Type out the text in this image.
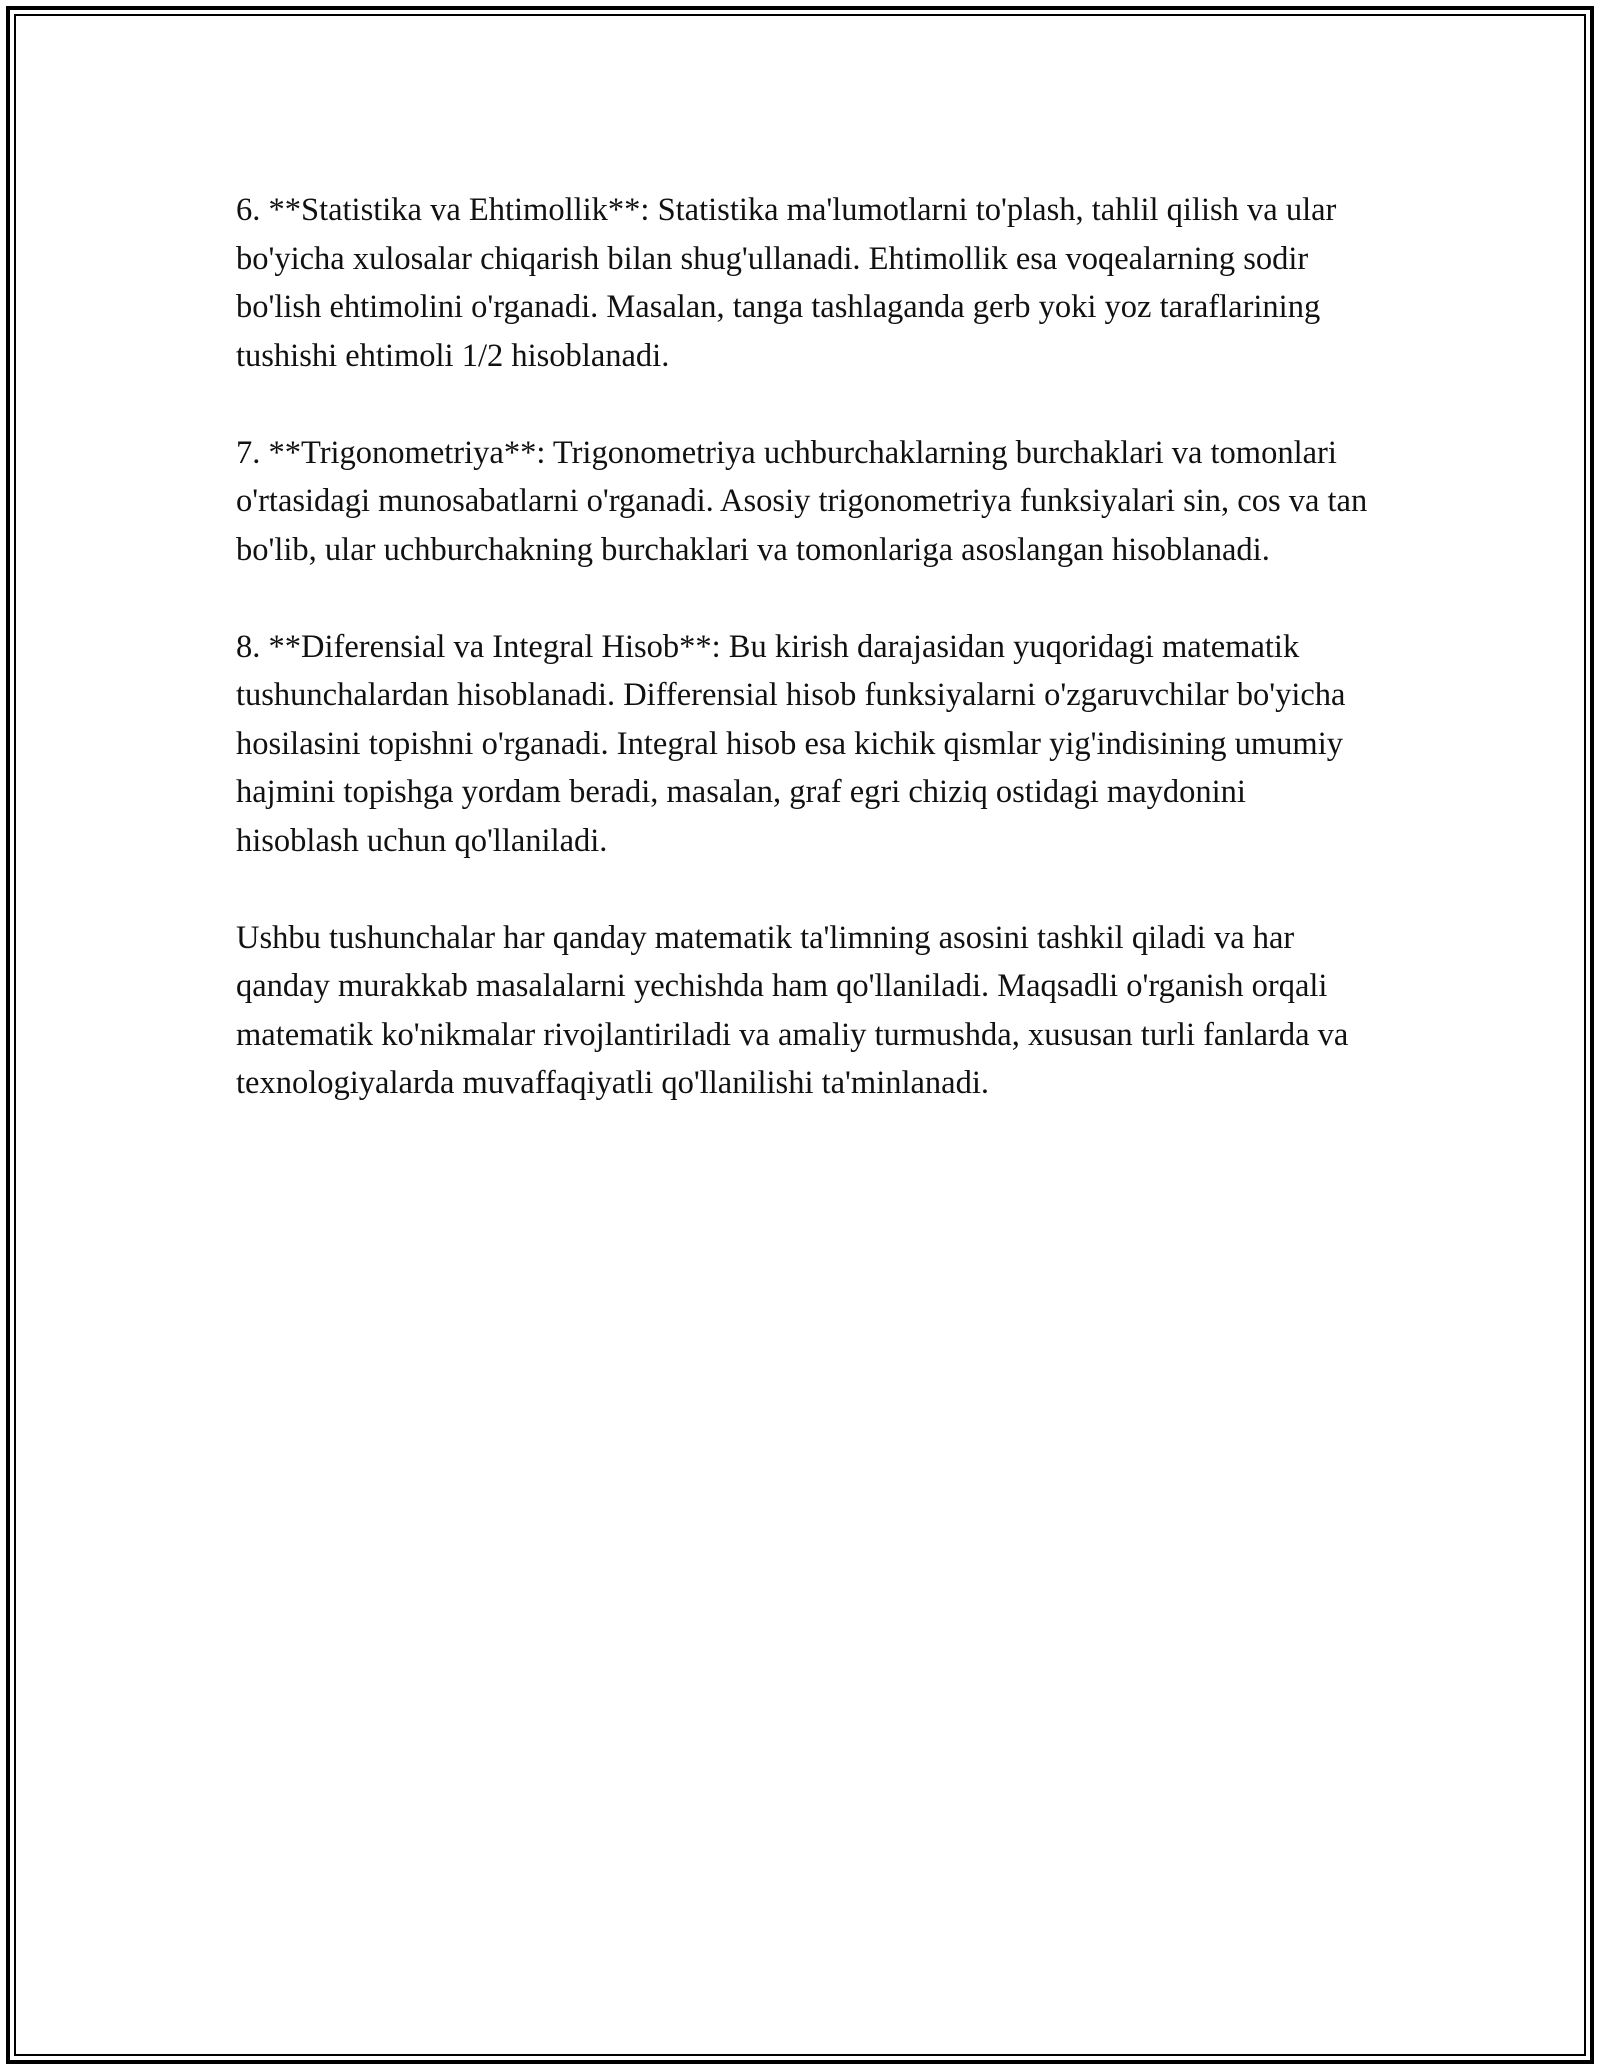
6. **Statistika va Ehtimollik**: Statistika ma'lumotlarni to'plash, tahlil qilish va ular bo'yicha xulosalar chiqarish bilan shug'ullanadi. Ehtimollik esa voqealarning sodir bo'lish ehtimolini o'rganadi. Masalan, tanga tashlaganda gerb yoki yoz taraflarining tushishi ehtimoli 1/2 hisoblanadi.

7. **Trigonometriya**: Trigonometriya uchburchaklarning burchaklari va tomonlari o'rtasidagi munosabatlarni o'rganadi. Asosiy trigonometriya funksiyalari sin, cos va tan bo'lib, ular uchburchakning burchaklari va tomonlariga asoslangan hisoblanadi.

8. **Diferensial va Integral Hisob**: Bu kirish darajasidan yuqoridagi matematik tushunchalardan hisoblanadi. Differensial hisob funksiyalarni o'zgaruvchilar bo'yicha hosilasini topishni o'rganadi. Integral hisob esa kichik qismlar yig'indisining umumiy hajmini topishga yordam beradi, masalan, graf egri chiziq ostidagi maydonini hisoblash uchun qo'llaniladi.

Ushbu tushunchalar har qanday matematik ta'limning asosini tashkil qiladi va har qanday murakkab masalalarni yechishda ham qo'llaniladi. Maqsadli o'rganish orqali matematik ko'nikmalar rivojlantiriladi va amaliy turmushda, xususan turli fanlarda va texnologiyalarda muvaffaqiyatli qo'llanilishi ta'minlanadi.
